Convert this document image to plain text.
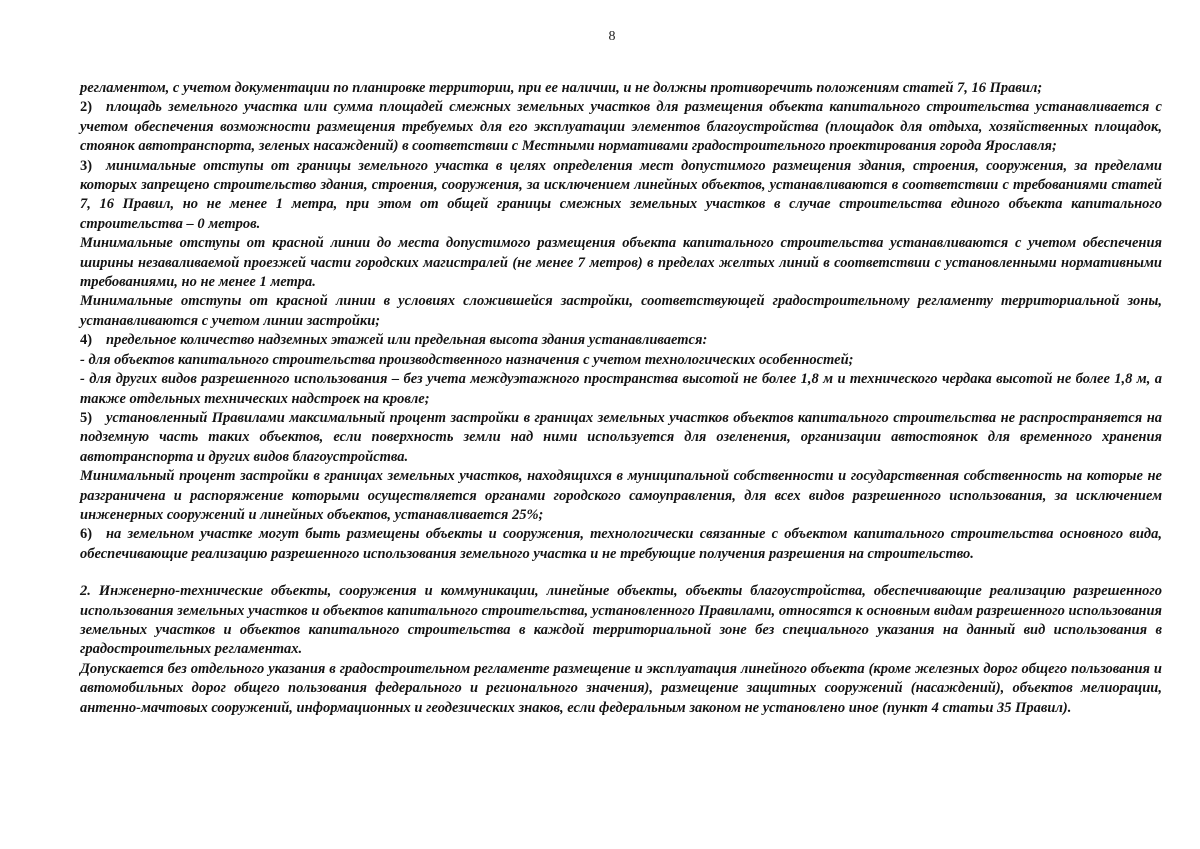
8

регламентом, с учетом документации по планировке территории, при ее наличии, и не должны противоречить положениям статей 7, 16 Правил;

2) площадь земельного участка или сумма площадей смежных земельных участков для размещения объекта капитального строительства устанавливается с учетом обеспечения возможности размещения требуемых для его эксплуатации элементов благоустройства (площадок для отдыха, хозяйственных площадок, стоянок автотранспорта, зеленых насаждений) в соответствии с Местными нормативами градостроительного проектирования города Ярославля;

3) минимальные отступы от границы земельного участка в целях определения мест допустимого размещения здания, строения, сооружения, за пределами которых запрещено строительство здания, строения, сооружения, за исключением линейных объектов, устанавливаются в соответствии с требованиями статей 7, 16 Правил, но не менее 1 метра, при этом от общей границы смежных земельных участков в случае строительства единого объекта капитального строительства – 0 метров.

Минимальные отступы от красной линии до места допустимого размещения объекта капитального строительства устанавливаются с учетом обеспечения ширины незаваливаемой проезжей части городских магистралей (не менее 7 метров) в пределах желтых линий в соответствии с установленными нормативными требованиями, но не менее 1 метра.

Минимальные отступы от красной линии в условиях сложившейся застройки, соответствующей градостроительному регламенту территориальной зоны, устанавливаются с учетом линии застройки;

4) предельное количество надземных этажей или предельная высота здания устанавливается:

- для объектов капитального строительства производственного назначения с учетом технологических особенностей;

- для других видов разрешенного использования – без учета междуэтажного пространства высотой не более 1,8 м и технического чердака высотой не более 1,8 м, а также отдельных технических надстроек на кровле;

5) установленный Правилами максимальный процент застройки в границах земельных участков объектов капитального строительства не распространяется на подземную часть таких объектов, если поверхность земли над ними используется для озеленения, организации автостоянок для временного хранения автотранспорта и других видов благоустройства.

Минимальный процент застройки в границах земельных участков, находящихся в муниципальной собственности и государственная собственность на которые не разграничена и распоряжение которыми осуществляется органами городского самоуправления, для всех видов разрешенного использования, за исключением инженерных сооружений и линейных объектов, устанавливается 25%;

6) на земельном участке могут быть размещены объекты и сооружения, технологически связанные с объектом капитального строительства основного вида, обеспечивающие реализацию разрешенного использования земельного участка и не требующие получения разрешения на строительство.

2. Инженерно-технические объекты, сооружения и коммуникации, линейные объекты, объекты благоустройства, обеспечивающие реализацию разрешенного использования земельных участков и объектов капитального строительства, установленного Правилами, относятся к основным видам разрешенного использования земельных участков и объектов капитального строительства в каждой территориальной зоне без специального указания на данный вид использования в градостроительных регламентах.

Допускается без отдельного указания в градостроительном регламенте размещение и эксплуатация линейного объекта (кроме железных дорог общего пользования и автомобильных дорог общего пользования федерального и регионального значения), размещение защитных сооружений (насаждений), объектов мелиорации, антенно-мачтовых сооружений, информационных и геодезических знаков, если федеральным законом не установлено иное (пункт 4 статьи 35 Правил).
